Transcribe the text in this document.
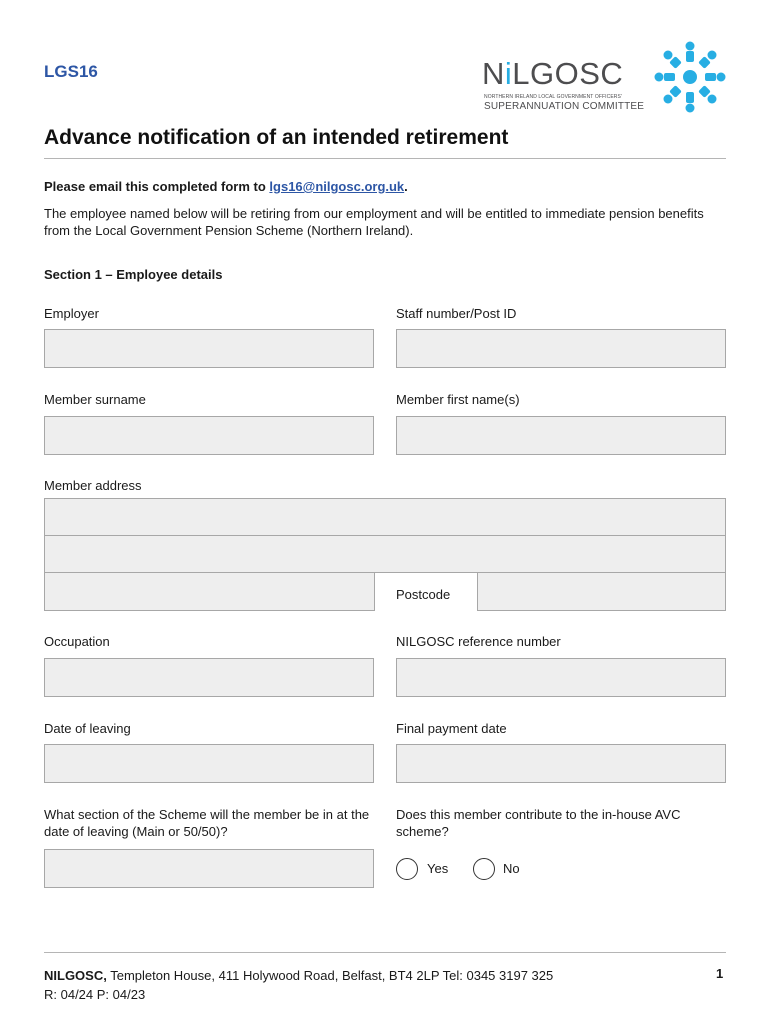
LGS16	NiLGOSC
NORTHERN IRELAND LOCAL GOVERNMENT OFFICERS'
SUPERANNUATION COMMITTEE
Advance notification of an intended retirement
Please email this completed form to lgs16@nilgosc.org.uk.
The employee named below will be retiring from our employment and will be entitled to immediate pension benefits from the Local Government Pension Scheme (Northern Ireland).
Section 1 – Employee details
Employer	Staff number/Post ID
Member surname	Member first name(s)
Member address
Postcode
Occupation	NILGOSC reference number
Date of leaving	Final payment date
What section of the Scheme will the member be in at the date of leaving (Main or 50/50)?
Does this member contribute to the in-house AVC scheme?
Yes	No
NILGOSC, Templeton House, 411 Holywood Road, Belfast, BT4 2LP Tel: 0345 3197 325
R: 04/24 P: 04/23
1
